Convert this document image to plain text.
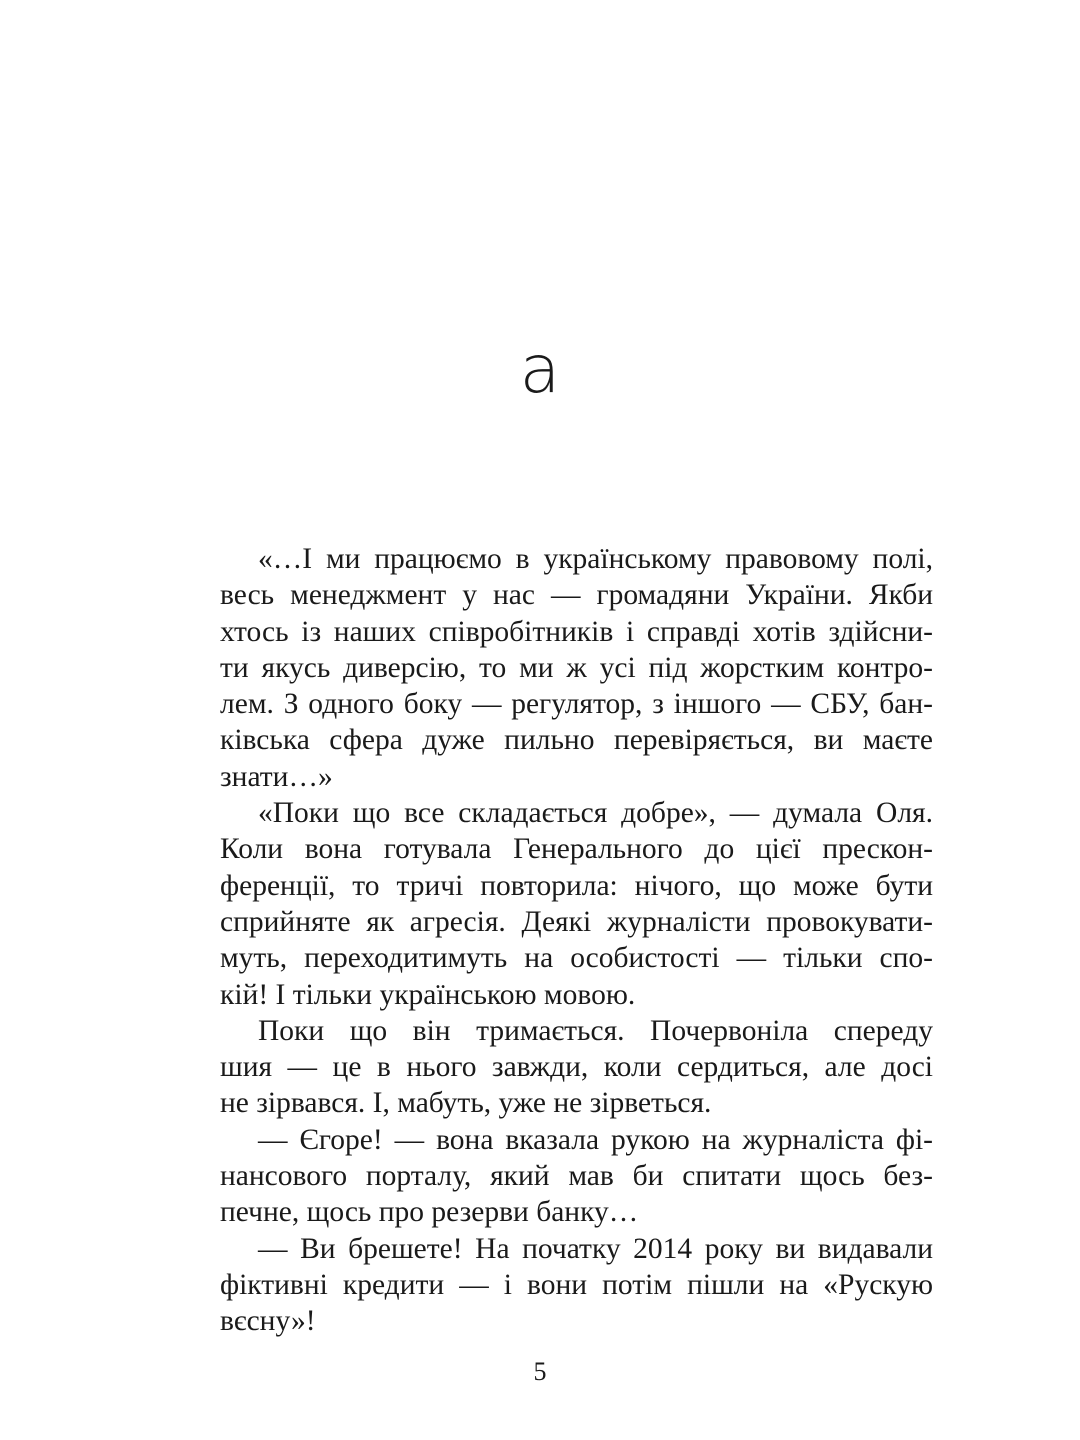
а
«…І ми працюємо в українському правовому полі,
весь менеджмент у нас — громадяни України. Якби
хтось із наших співробітників і справді хотів здійсни-
ти якусь диверсію, то ми ж усі під жорстким контро-
лем. З одного боку — регулятор, з іншого — СБУ, бан-
ківська сфера дуже пильно перевіряється, ви маєте
знати…»
«Поки що все складається добре», — думала Оля.
Коли вона готувала Генерального до цієї прескон-
ференції, то тричі повторила: нічого, що може бути
сприйняте як агресія. Деякі журналісти провокувати-
муть, переходитимуть на особистості — тільки спо-
кій! І тільки українською мовою.
Поки що він тримається. Почервоніла спереду
шия — це в нього завжди, коли сердиться, але досі
не зірвався. І, мабуть, уже не зірветься.
— Єгоре! — вона вказала рукою на журналіста фі-
нансового порталу, який мав би спитати щось без-
печне, щось про резерви банку…
— Ви брешете! На початку 2014 року ви видавали
фіктивні кредити — і вони потім пішли на «Рускую
вєсну»!
5
